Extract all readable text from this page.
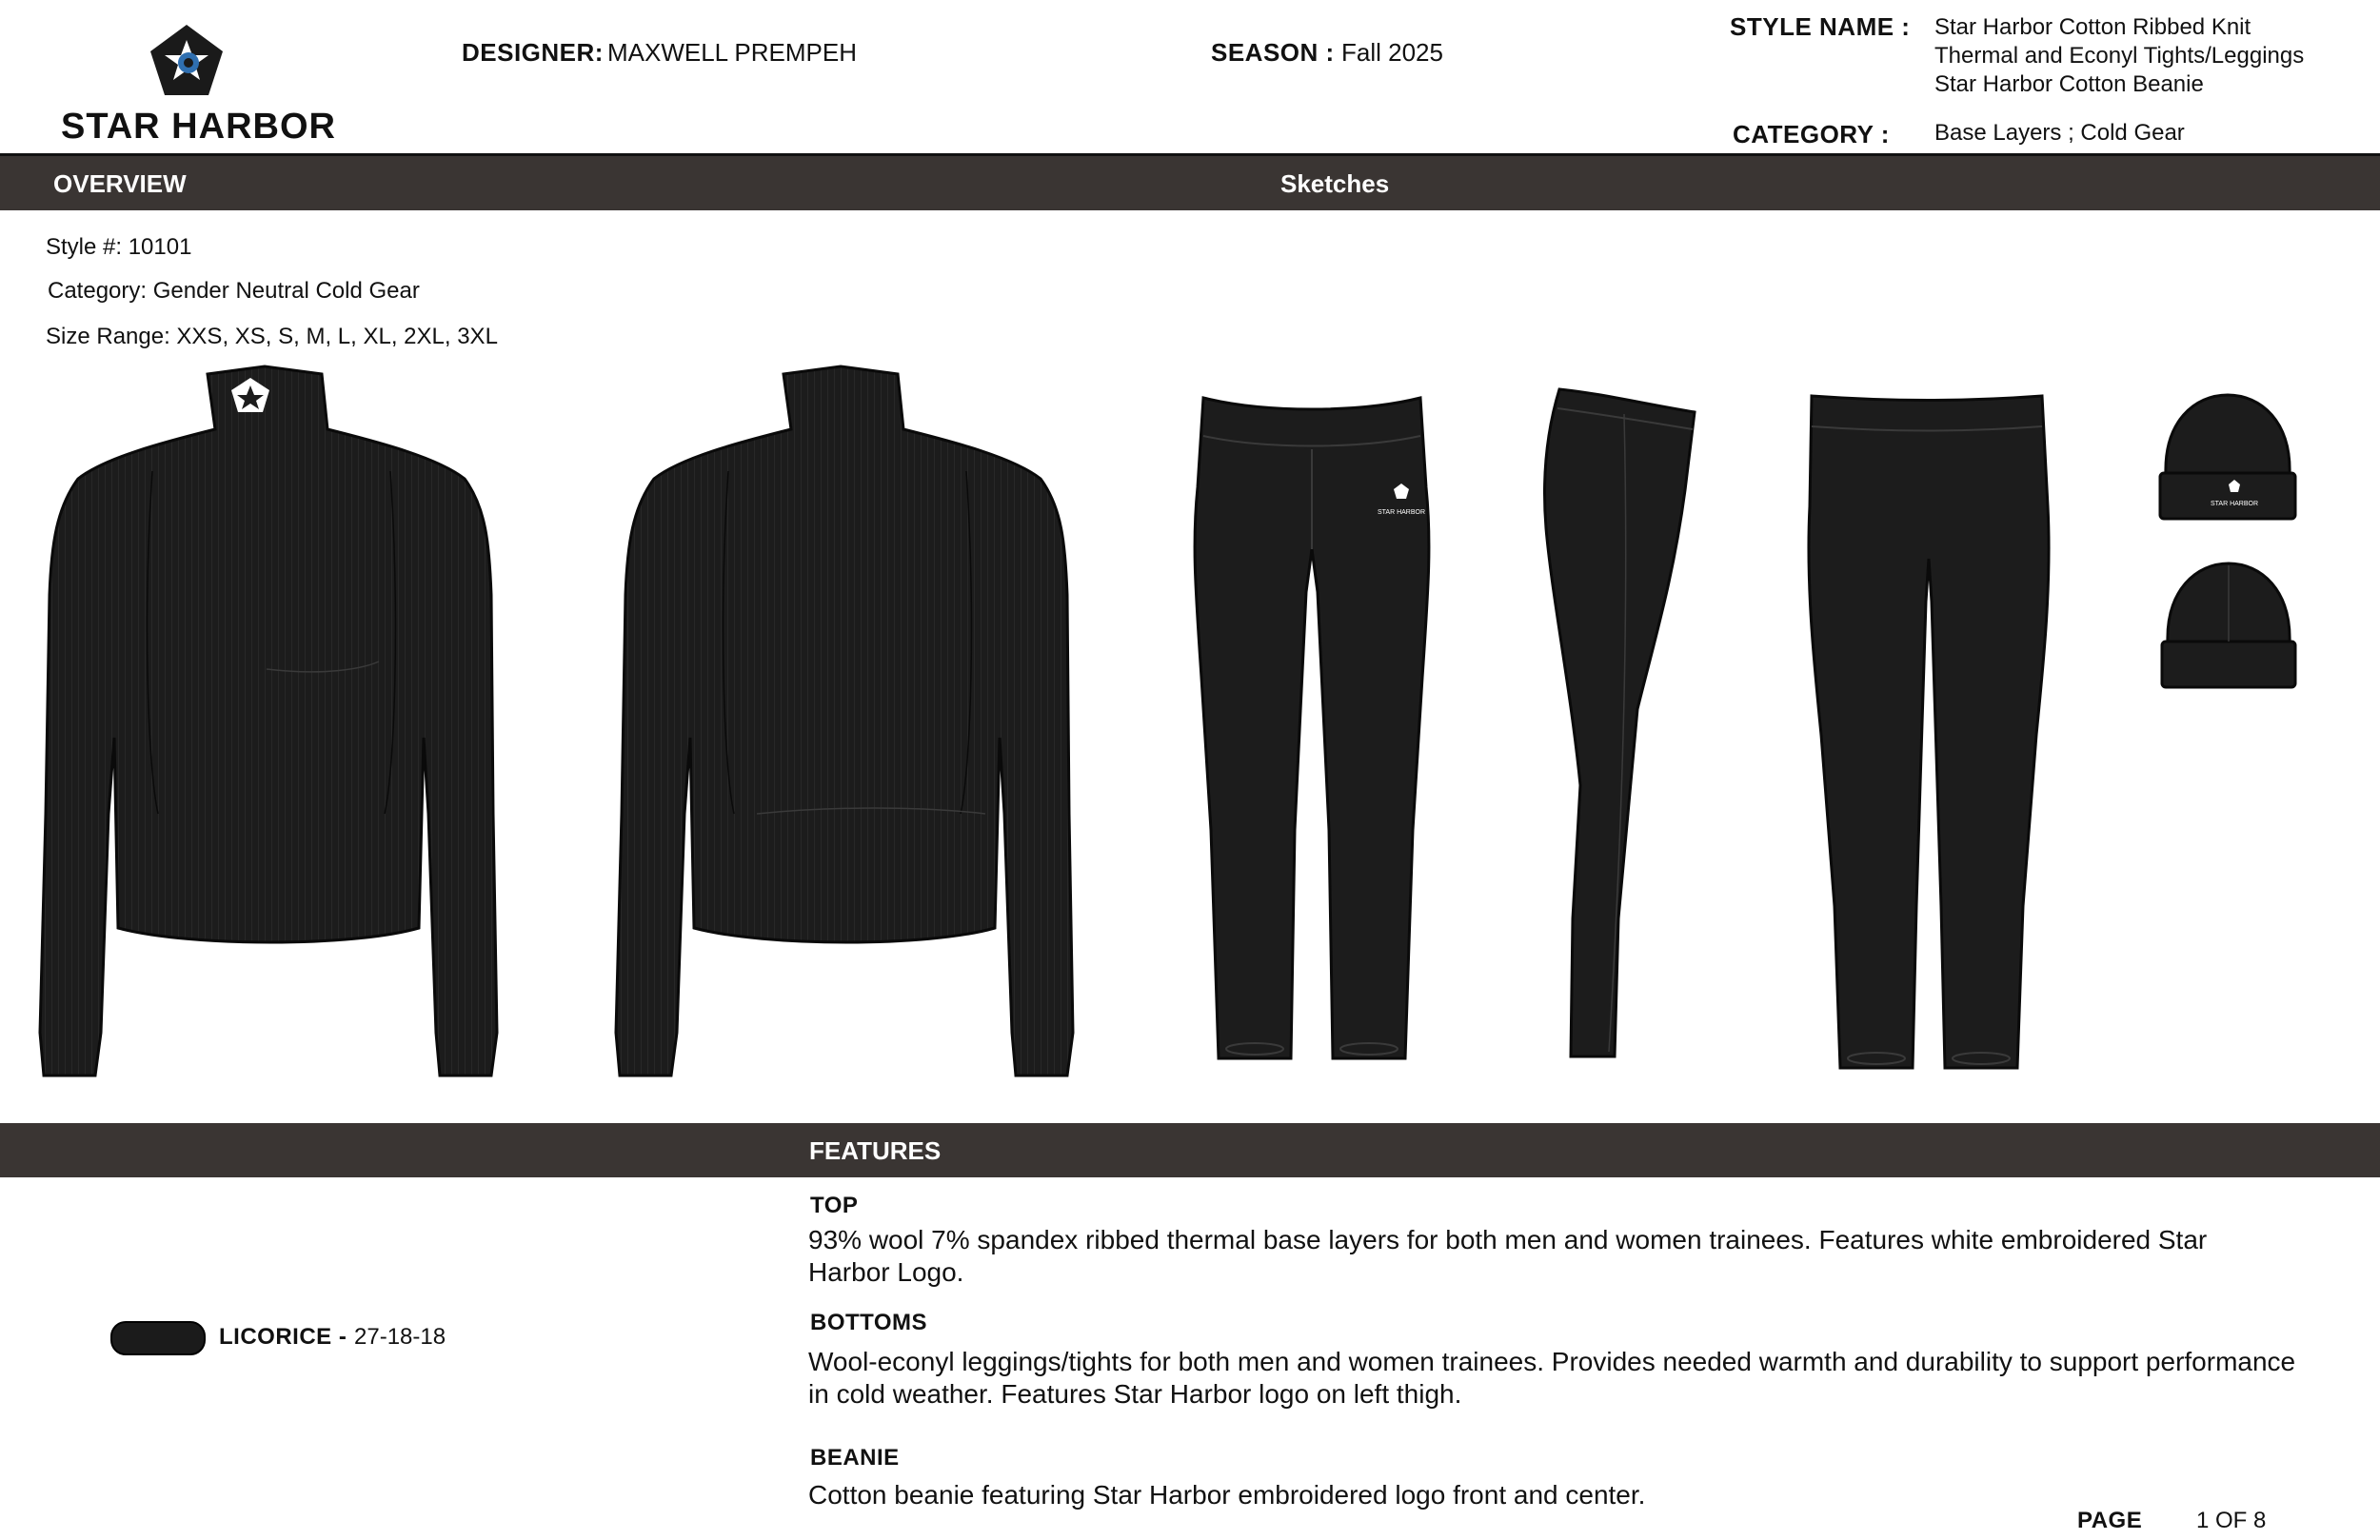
STAR HARBOR
DESIGNER: MAXWELL PREMPEH	SEASON : Fall 2025
STYLE NAME : Star Harbor Cotton Ribbed Knit
Thermal and Econyl Tights/Leggings
Star Harbor Cotton Beanie
CATEGORY : Base Layers ; Cold Gear
OVERVIEW	Sketches
Style #: 10101
Category: Gender Neutral Cold Gear
Size Range: XXS, XS, S, M, L, XL, 2XL, 3XL
STAR HARBOR
STAR HARBOR
FEATURES
LICORICE - 27-18-18
TOP
93% wool 7% spandex ribbed thermal base layers for both men and women trainees. Features white embroidered Star
Harbor Logo.
BOTTOMS
Wool-econyl leggings/tights for both men and women trainees. Provides needed warmth and durability to support performance
in cold weather. Features Star Harbor logo on left thigh.
BEANIE
Cotton beanie featuring Star Harbor embroidered logo front and center.
PAGE 1 OF 8
